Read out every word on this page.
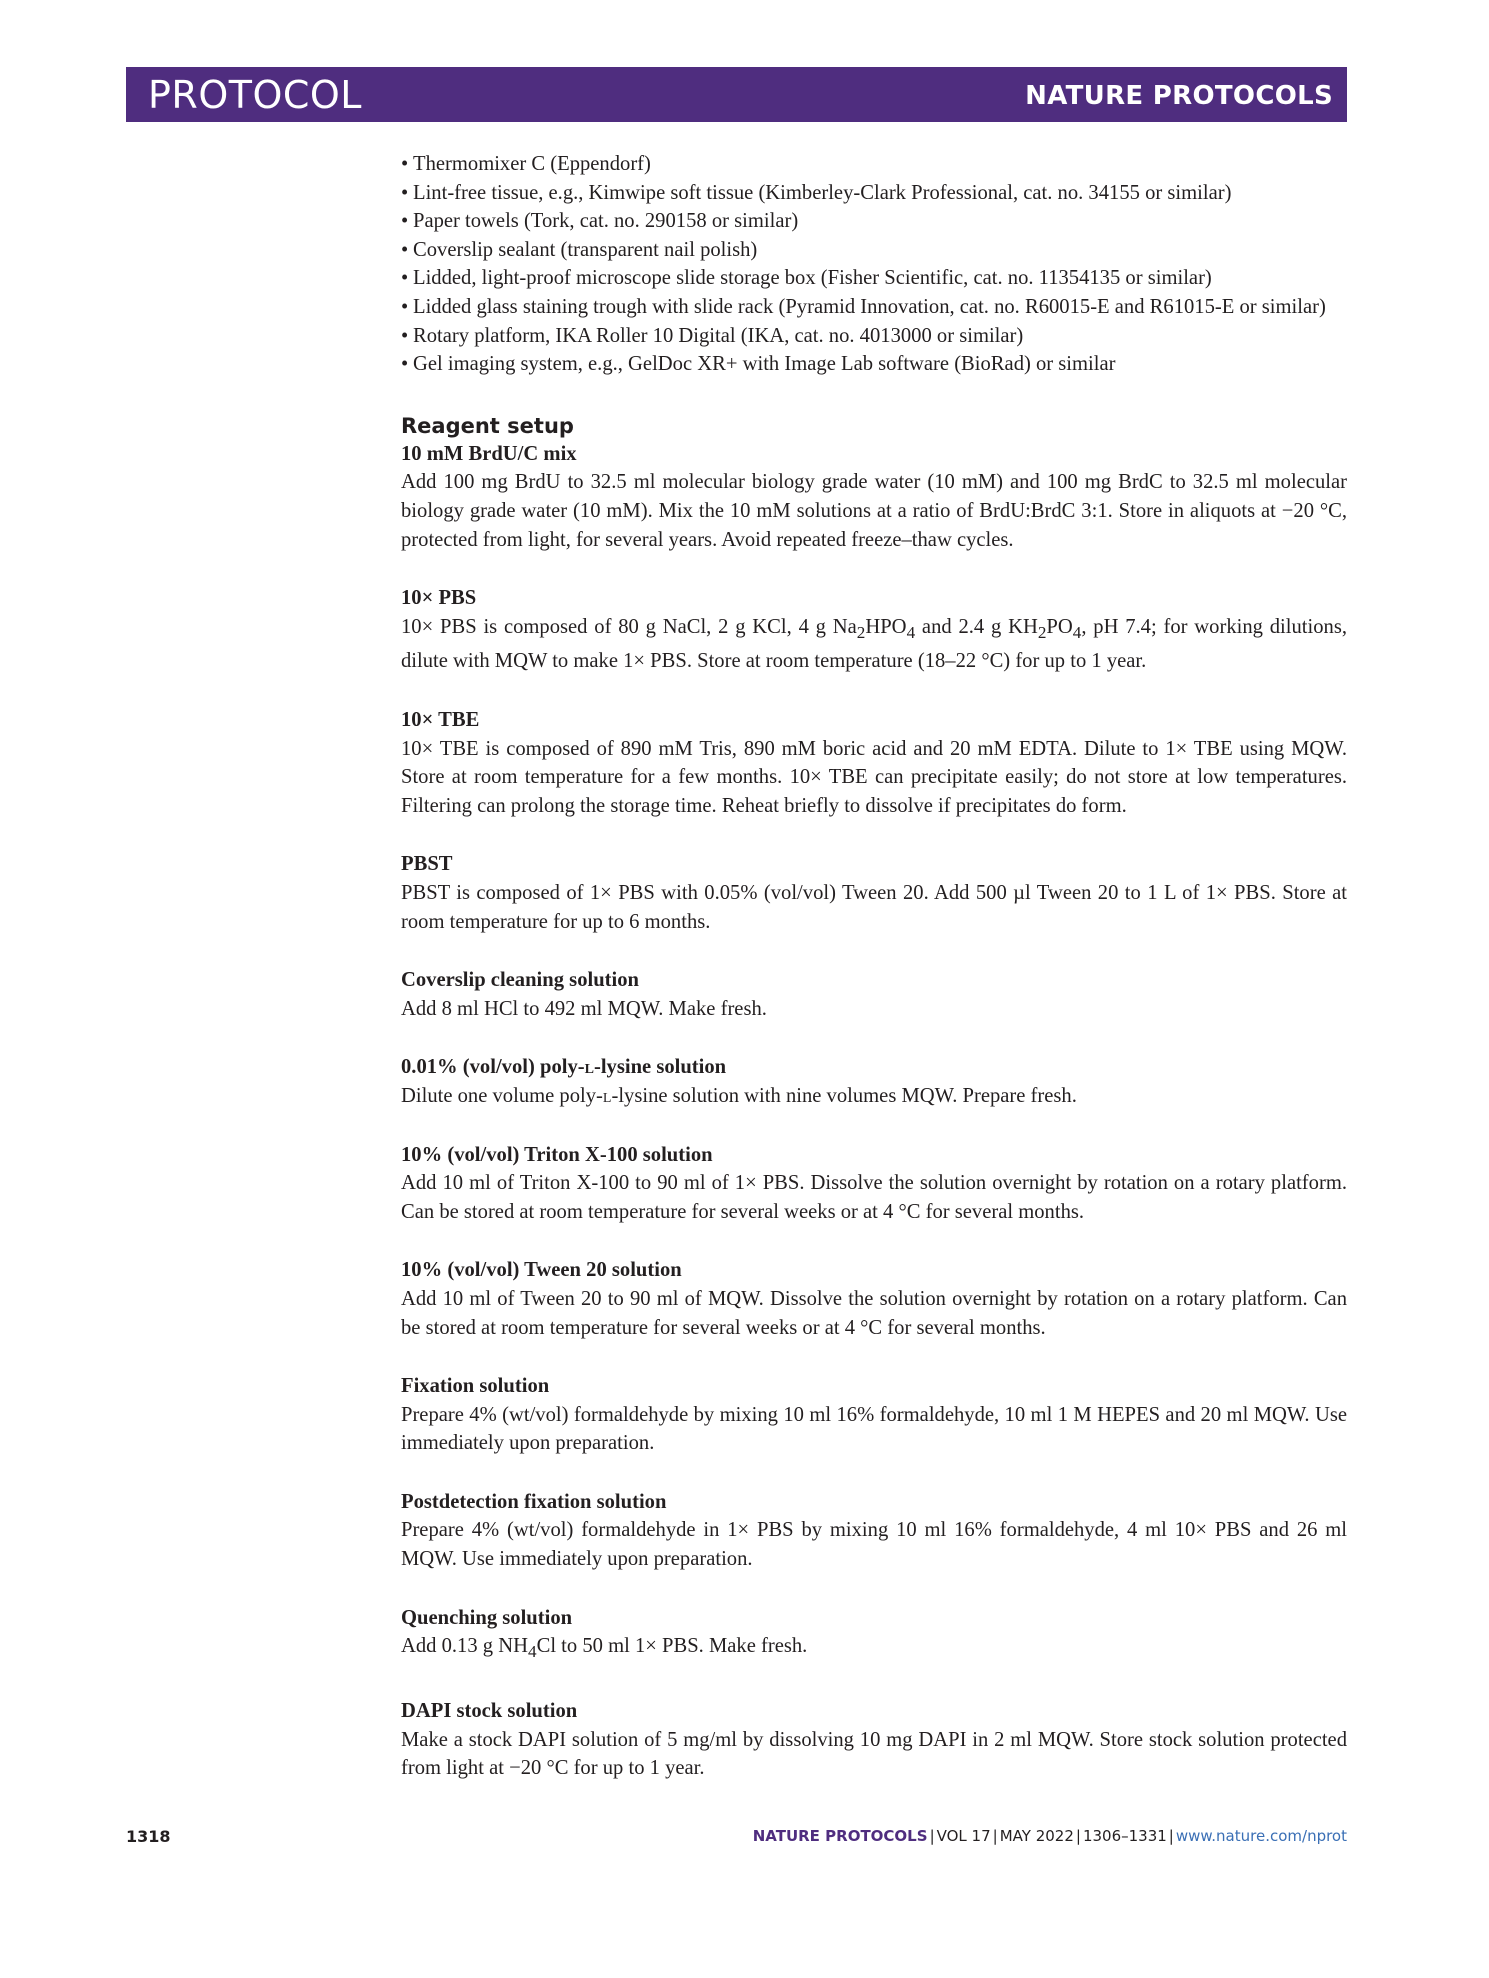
PROTOCOL	NATURE PROTOCOLS
• Thermomixer C (Eppendorf)
• Lint-free tissue, e.g., Kimwipe soft tissue (Kimberley-Clark Professional, cat. no. 34155 or similar)
• Paper towels (Tork, cat. no. 290158 or similar)
• Coverslip sealant (transparent nail polish)
• Lidded, light-proof microscope slide storage box (Fisher Scientific, cat. no. 11354135 or similar)
• Lidded glass staining trough with slide rack (Pyramid Innovation, cat. no. R60015-E and R61015-E or similar)
• Rotary platform, IKA Roller 10 Digital (IKA, cat. no. 4013000 or similar)
• Gel imaging system, e.g., GelDoc XR+ with Image Lab software (BioRad) or similar
Reagent setup
10 mM BrdU/C mix
Add 100 mg BrdU to 32.5 ml molecular biology grade water (10 mM) and 100 mg BrdC to 32.5 ml molecular biology grade water (10 mM). Mix the 10 mM solutions at a ratio of BrdU:BrdC 3:1. Store in aliquots at −20 °C, protected from light, for several years. Avoid repeated freeze–thaw cycles.
10× PBS
10× PBS is composed of 80 g NaCl, 2 g KCl, 4 g $Na_2HPO_4$ and 2.4 g $KH_2PO_4$, pH 7.4; for working dilutions, dilute with MQW to make 1× PBS. Store at room temperature (18–22 °C) for up to 1 year.
10× TBE
10× TBE is composed of 890 mM Tris, 890 mM boric acid and 20 mM EDTA. Dilute to 1× TBE using MQW. Store at room temperature for a few months. 10× TBE can precipitate easily; do not store at low temperatures. Filtering can prolong the storage time. Reheat briefly to dissolve if precipitates do form.
PBST
PBST is composed of 1× PBS with 0.05% (vol/vol) Tween 20. Add 500 µl Tween 20 to 1 L of 1× PBS. Store at room temperature for up to 6 months.
Coverslip cleaning solution
Add 8 ml HCl to 492 ml MQW. Make fresh.
0.01% (vol/vol) poly-l-lysine solution
Dilute one volume poly-l-lysine solution with nine volumes MQW. Prepare fresh.
10% (vol/vol) Triton X-100 solution
Add 10 ml of Triton X-100 to 90 ml of 1× PBS. Dissolve the solution overnight by rotation on a rotary platform. Can be stored at room temperature for several weeks or at 4 °C for several months.
10% (vol/vol) Tween 20 solution
Add 10 ml of Tween 20 to 90 ml of MQW. Dissolve the solution overnight by rotation on a rotary platform. Can be stored at room temperature for several weeks or at 4 °C for several months.
Fixation solution
Prepare 4% (wt/vol) formaldehyde by mixing 10 ml 16% formaldehyde, 10 ml 1 M HEPES and 20 ml MQW. Use immediately upon preparation.
Postdetection fixation solution
Prepare 4% (wt/vol) formaldehyde in 1× PBS by mixing 10 ml 16% formaldehyde, 4 ml 10× PBS and 26 ml MQW. Use immediately upon preparation.
Quenching solution
Add 0.13 g $NH_4Cl$ to 50 ml 1× PBS. Make fresh.
DAPI stock solution
Make a stock DAPI solution of 5 mg/ml by dissolving 10 mg DAPI in 2 ml MQW. Store stock solution protected from light at −20 °C for up to 1 year.
1318	NATURE PROTOCOLS | VOL 17 | MAY 2022 | 1306–1331 | www.nature.com/nprot
